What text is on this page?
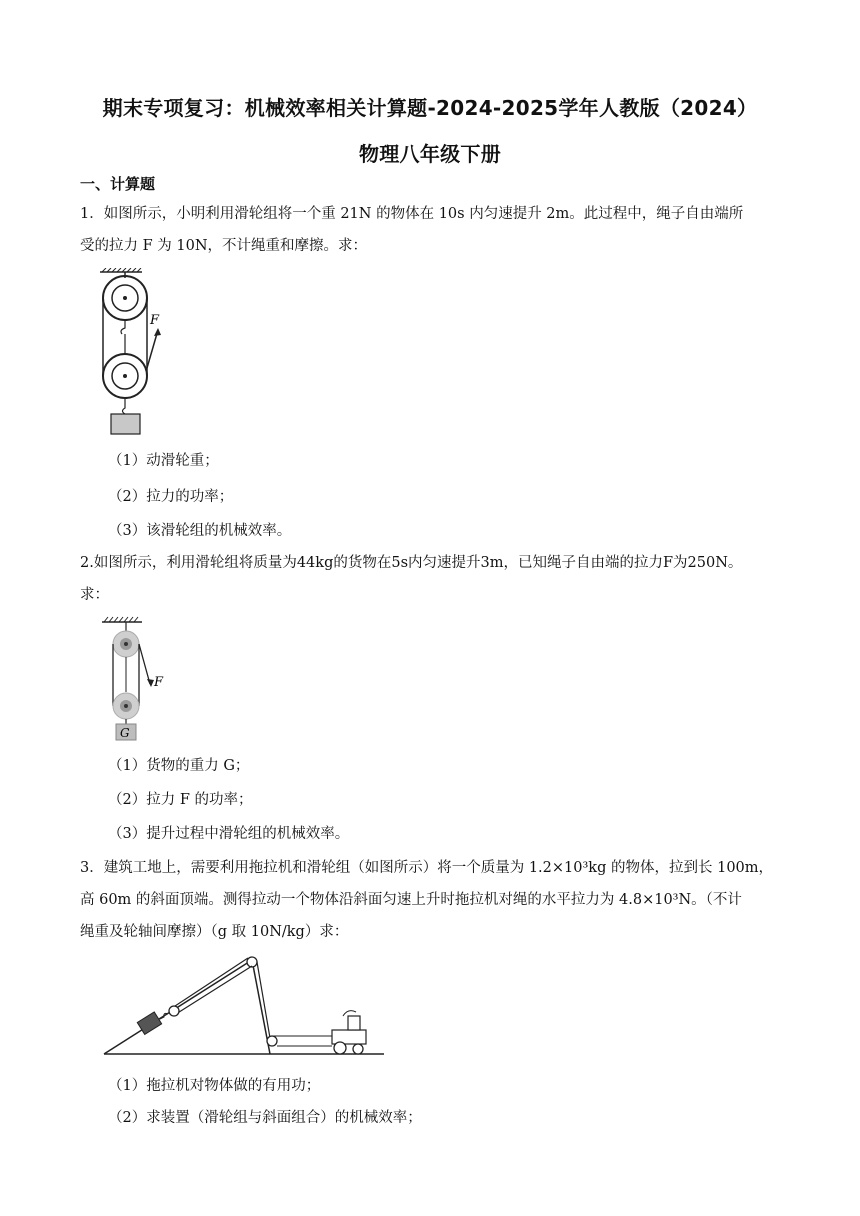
期末专项复习：机械效率相关计算题-2024-2025学年人教版（2024）
物理八年级下册
一、计算题
1．如图所示，小明利用滑轮组将一个重 21N 的物体在 10s 内匀速提升 2m。此过程中，绳子自由端所
受的拉力 F 为 10N，不计绳重和摩擦。求：
F
（1）动滑轮重；
（2）拉力的功率；
（3）该滑轮组的机械效率。
2.如图所示，利用滑轮组将质量为44kg的货物在5s内匀速提升3m，已知绳子自由端的拉力F为250N。
求：
F
G
（1）货物的重力 G；
（2）拉力 F 的功率；
（3）提升过程中滑轮组的机械效率。
3．建筑工地上，需要利用拖拉机和滑轮组（如图所示）将一个质量为 1.2×10³kg 的物体，拉到长 100m，
高 60m 的斜面顶端。测得拉动一个物体沿斜面匀速上升时拖拉机对绳的水平拉力为 4.8×10³N。（不计
绳重及轮轴间摩擦）（g 取 10N/kg）求：
（1）拖拉机对物体做的有用功；
（2）求装置（滑轮组与斜面组合）的机械效率；
